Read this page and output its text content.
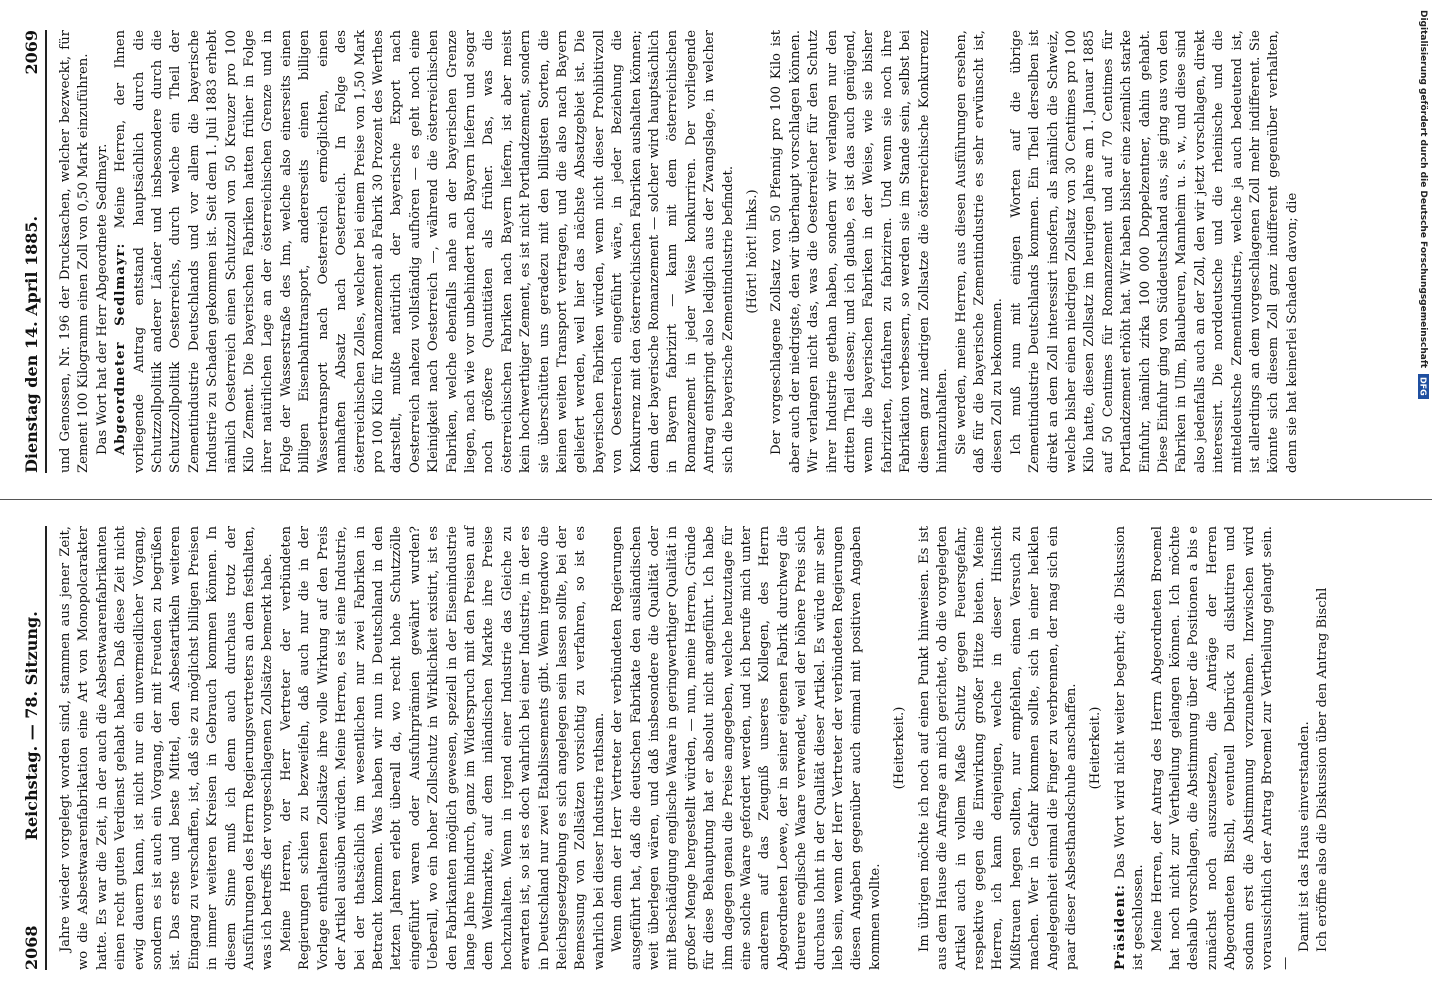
2068
Reichstag. — 78. Sitzung. Jahre wieder vorgelegt worden sind, stammen aus jener Zeit, wo die Asbestwaarenfabrikation eine Art von Monopolcarakter hatte. Es war die Zeit, in der auch die Asbestwaarenfabrikanten einen recht guten Verdienst gehabt haben. Daß diese Zeit nicht ewig dauern kann, ist nicht nur ein unvermeidlicher Vorgang, sondern es ist auch ein Vorgang, der mit Freuden zu begrüßen ist. Das erste und beste Mittel, den Asbestartikeln weiteren Eingang zu verschaffen, ist, daß sie zu möglichst billigen Preisen in immer weiteren Kreisen in Gebrauch kommen können. In diesem Sinne muß ich denn auch durchaus trotz der Ausführungen des Herrn Regierungsvertreters an dem festhalten, was ich betreffs der vorgeschlagenen Zollsätze bemerkt habe. Meine Herren, der Herr Vertreter der verbündeten Regierungen schien zu bezweifeln, daß auch nur die in der Vorlage enthaltenen Zollsätze ihre volle Wirkung auf den Preis der Artikel ausüben würden. Meine Herren, es ist eine Industrie, bei der thatsächlich im wesentlichen nur zwei Fabriken in Betracht kommen. Was haben wir nun in Deutschland in den letzten Jahren erlebt überall da, wo recht hohe Schutzzölle eingeführt waren oder Ausfuhrprämien gewährt wurden? Ueberall, wo ein hoher Zollschutz in Wirklichkeit existirt, ist es den Fabrikanten möglich gewesen, speziell in der Eisenindustrie lange Jahre hindurch, ganz im Widerspruch mit den Preisen auf dem Weltmarkte, auf dem inländischen Markte ihre Preise hochzuhalten. Wenn in irgend einer Industrie das Gleiche zu erwarten ist, so ist es doch wahrlich bei einer Industrie, in der es in Deutschland nur zwei Etablissements gibt. Wenn irgendwo die Reichsgesetzgebung es sich angelegen sein lassen sollte, bei der Bemessung von Zollsätzen vorsichtig zu verfahren, so ist es wahrlich bei dieser Industrie rathsam. Wenn denn der Herr Vertreter der verbündeten Regierungen ausgeführt hat, daß die deutschen Fabrikate den ausländischen weit überlegen wären, und daß insbesondere die Qualität oder mit Beschädigung englische Waare in geringwerthiger Qualität in großer Menge hergestellt würden, — nun, meine Herren, Gründe für diese Behauptung hat er absolut nicht angeführt. Ich habe ihm dagegen genau die Preise angegeben, welche heutzutage für eine solche Waare gefordert werden, und ich berufe mich unter anderem auf das Zeugniß unseres Kollegen, des Herrn Abgeordneten Loewe, der in seiner eigenen Fabrik durchweg die theurere englische Waare verwendet, weil der höhere Preis sich durchaus lohnt in der Qualität dieser Artikel. Es würde mir sehr lieb sein, wenn der Herr Vertreter der verbündeten Regierungen diesen Angaben gegenüber auch einmal mit positiven Angaben kommen wollte.

(Heiterkeit.) Im übrigen möchte ich noch auf einen Punkt hinweisen. Es ist aus dem Hause die Anfrage an mich gerichtet, ob die vorgelegten Artikel auch in vollem Maße Schutz gegen Feuersgefahr, respektive gegen die Einwirkung großer Hitze bieten. Meine Herren, ich kann denjenigen, welche in dieser Hinsicht Mißtrauen hegen sollten, nur empfehlen, einen Versuch zu machen. Wer in Gefahr kommen sollte, sich in einer heiklen Angelegenheit einmal die Finger zu verbrennen, der mag sich ein paar dieser Asbesthandschuhe anschaffen. (Heiterkeit.)

Präsident: Das Wort wird nicht weiter begehrt; die Diskussion ist geschlossen. Meine Herren, der Antrag des Herrn Abgeordneten Broemel hat noch nicht zur Vertheilung gelangen können. Ich möchte deshalb vorschlagen, die Abstimmung über die Positionen a bis e zunächst noch auszusetzen, die Anträge der Herren Abgeordneten Bischl, eventuell Delbrück zu diskutiren und sodann erst die Abstimmung vorzunehmen. Inzwischen wird voraussichtlich der Antrag Broemel zur Vertheilung gelangt sein. —

Damit ist das Haus einverstanden. Ich eröffne also die Diskussion über den Antrag Bischl

Dienstag den 14. April 1885.
2069 und Genossen, Nr. 196 der Drucksachen, welcher bezweckt, für Zement 100 Kilogramm einen Zoll von 0,50 Mark einzuführen. Das Wort hat der Herr Abgeordnete Sedlmayr. Abgeordneter Sedlmayr: Meine Herren, der Ihnen vorliegende Antrag entstand hauptsächlich durch die Schutzzollpolitik anderer Länder und insbesondere durch die Schutzzollpolitik Oesterreichs, durch welche ein Theil der Zementindustrie Deutschlands und vor allem die bayerische Industrie zu Schaden gekommen ist. Seit dem 1. Juli 1883 erhebt nämlich Oesterreich einen Schutzzoll von 50 Kreuzer pro 100 Kilo Zement. Die bayerischen Fabriken hatten früher in Folge ihrer natürlichen Lage an der österreichischen Grenze und in Folge der Wasserstraße des Inn, welche also einerseits einen billigen Eisenbahntransport, andererseits einen billigen Wassertransport nach Oesterreich ermöglichten, einen namhaften Absatz nach Oesterreich. In Folge des österreichischen Zolles, welcher bei einem Preise von 1,50 Mark pro 100 Kilo für Romanzement ab Fabrik 30 Prozent des Werthes darstellt, mußte natürlich der bayerische Export nach Oesterreich nahezu vollständig aufhören — es geht noch eine Kleinigkeit nach Oesterreich —, während die österreichischen Fabriken, welche ebenfalls nahe an der bayerischen Grenze liegen, nach wie vor unbehindert nach Bayern liefern und sogar noch größere Quantitäten als früher. Das, was die österreichischen Fabriken nach Bayern liefern, ist aber meist kein hochwerthiger Zement, es ist nicht Portlandzement, sondern sie überschütten uns geradezu mit den billigsten Sorten, die keinen weiten Transport vertragen, und die also nach Bayern geliefert werden, weil hier das nächste Absatzgebiet ist. Die bayerischen Fabriken würden, wenn nicht dieser Prohibitivzoll von Oesterreich eingeführt wäre, in jeder Beziehung die Konkurrenz mit den österreichischen Fabriken aushalten können; denn der bayerische Romanzement — solcher wird hauptsächlich in Bayern fabrizirt — kann mit dem österreichischen Romanzement in jeder Weise konkurriren. Der vorliegende Antrag entspringt also lediglich aus der Zwangslage, in welcher sich die bayerische Zementindustrie befindet. (Hört! hört! links.) Der vorgeschlagene Zollsatz von 50 Pfennig pro 100 Kilo ist aber auch der niedrigste, den wir überhaupt vorschlagen können. Wir verlangen nicht das, was die Oesterreicher für den Schutz ihrer Industrie gethan haben, sondern wir verlangen nur den dritten Theil dessen; und ich glaube, es ist das auch genügend, wenn die bayerischen Fabriken in der Weise, wie sie bisher fabrizirten, fortfahren zu fabriziren. Und wenn sie noch ihre Fabrikation verbessern, so werden sie im Stande sein, selbst bei diesem ganz niedrigen Zollsatze die österreichische Konkurrenz hintanzuhalten. Sie werden, meine Herren, aus diesen Ausführungen ersehen, daß für die bayerische Zementindustrie es sehr erwünscht ist, diesen Zoll zu bekommen. Ich muß nun mit einigen Worten auf die übrige Zementindustrie Deutschlands kommen. Ein Theil derselben ist direkt an dem Zoll interessirt insofern, als nämlich die Schweiz, welche bisher einen niedrigen Zollsatz von 30 Centimes pro 100 Kilo hatte, diesen Zollsatz im heurigen Jahre am 1. Januar 1885 auf 50 Centimes für Romanzement und auf 70 Centimes für Portlandzement erhöht hat. Wir haben bisher eine ziemlich starke Einfuhr, nämlich zirka 100 000 Doppelzentner, dahin gehabt. Diese Einfuhr ging von Süddeutschland aus, sie ging aus von den Fabriken in Ulm, Blaubeuren, Mannheim u. s. w., und diese sind also jedenfalls auch an der Zoll, den wir jetzt vorschlagen, direkt interessirt. Die norddeutsche und die rheinische und die mitteldeutsche Zementindustrie, welche ja auch bedeutend ist, ist allerdings an dem vorgeschlagenen Zoll mehr indifferent. Sie könnte sich diesem Zoll ganz indifferent gegenüber verhalten, denn sie hat keinerlei Schaden davon; die	Digitalisierung gefördert durch die Deutsche Forschungsgemeinschaft
DFG
